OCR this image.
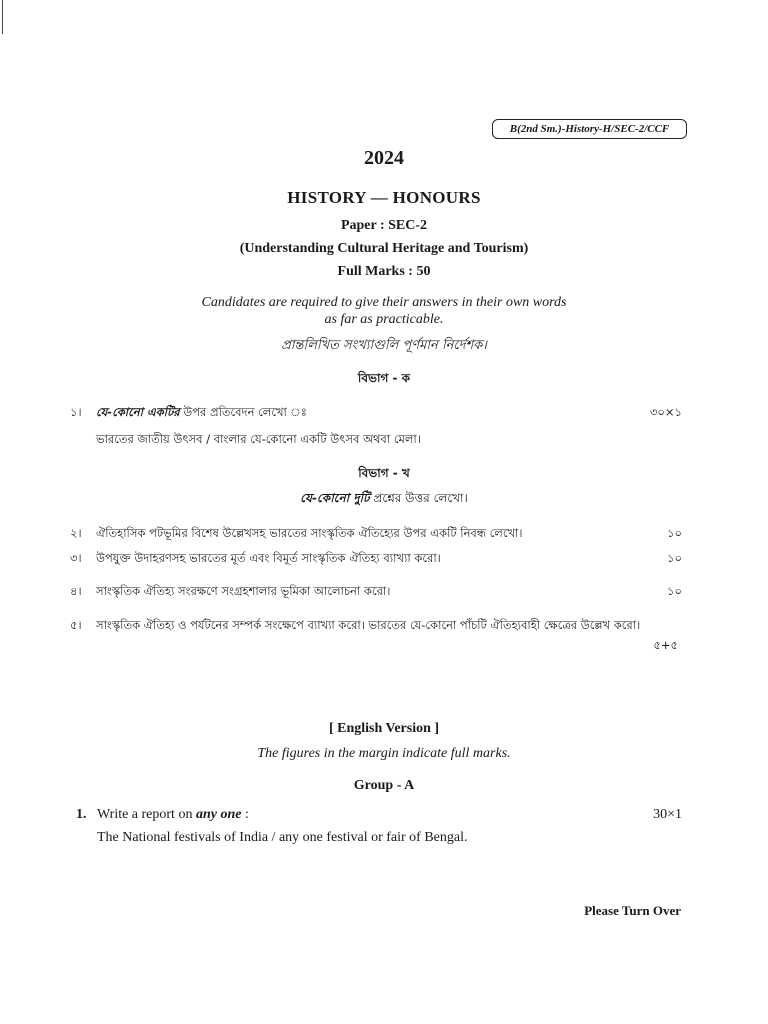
B(2nd Sm.)-History-H/SEC-2/CCF
2024
HISTORY — HONOURS
Paper : SEC-2
(Understanding Cultural Heritage and Tourism)
Full Marks : 50
Candidates are required to give their answers in their own words
as far as practicable.
প্রান্তলিখিত সংখ্যাগুলি পূর্ণমান নির্দেশক।
বিভাগ - ক
১।	যে-কোনো একটির উপর প্রতিবেদন লেখো ঃ	৩০×১
ভারতের জাতীয় উৎসব / বাংলার যে-কোনো একটি উৎসব অথবা মেলা।
বিভাগ - খ
যে-কোনো দুটি প্রশ্নের উত্তর লেখো।
২।	ঐতিহাসিক পটভূমির বিশেষ উল্লেখসহ ভারতের সাংস্কৃতিক ঐতিহ্যের উপর একটি নিবন্ধ লেখো।	১০
৩।	উপযুক্ত উদাহরণসহ ভারতের মূর্ত এবং বিমূর্ত সাংস্কৃতিক ঐতিহ্য ব্যাখ্যা করো।	১০
৪।	সাংস্কৃতিক ঐতিহ্য সংরক্ষণে সংগ্রহশালার ভূমিকা আলোচনা করো।	১০
৫।	সাংস্কৃতিক ঐতিহ্য ও পর্যটনের সম্পর্ক সংক্ষেপে ব্যাখ্যা করো। ভারতের যে-কোনো পাঁচটি ঐতিহ্যবাহী ক্ষেত্রের উল্লেখ করো।
৫+৫
[ English Version ]
The figures in the margin indicate full marks.
Group - A
1. Write a report on any one :	30×1
The National festivals of India / any one festival or fair of Bengal.
Please Turn Over
